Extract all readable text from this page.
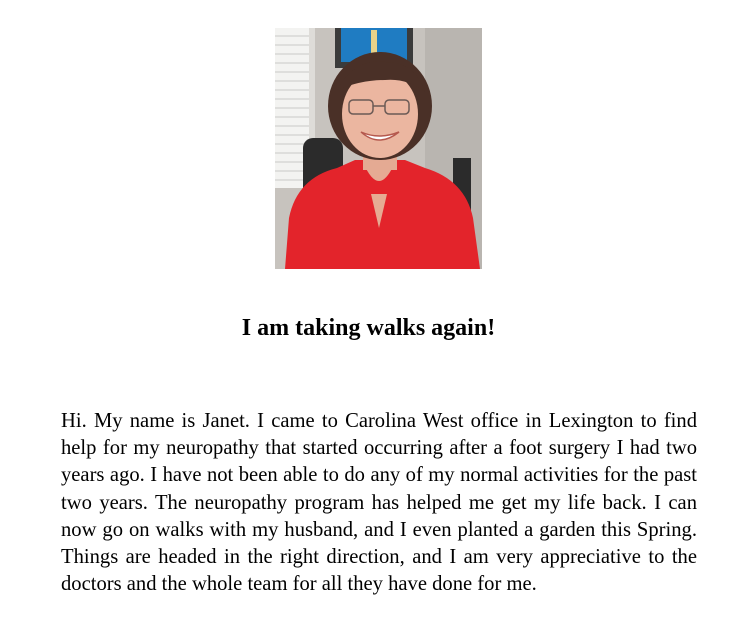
I am taking walks again!

Hi. My name is Janet. I came to Carolina West office in Lexington to find help for my neuropathy that started occurring after a foot surgery I had two years ago. I have not been able to do any of my normal activities for the past two years. The neuropathy program has helped me get my life back. I can now go on walks with my husband, and I even planted a garden this Spring. Things are headed in the right direction, and I am very appreciative to the doctors and the whole team for all they have done for me.
